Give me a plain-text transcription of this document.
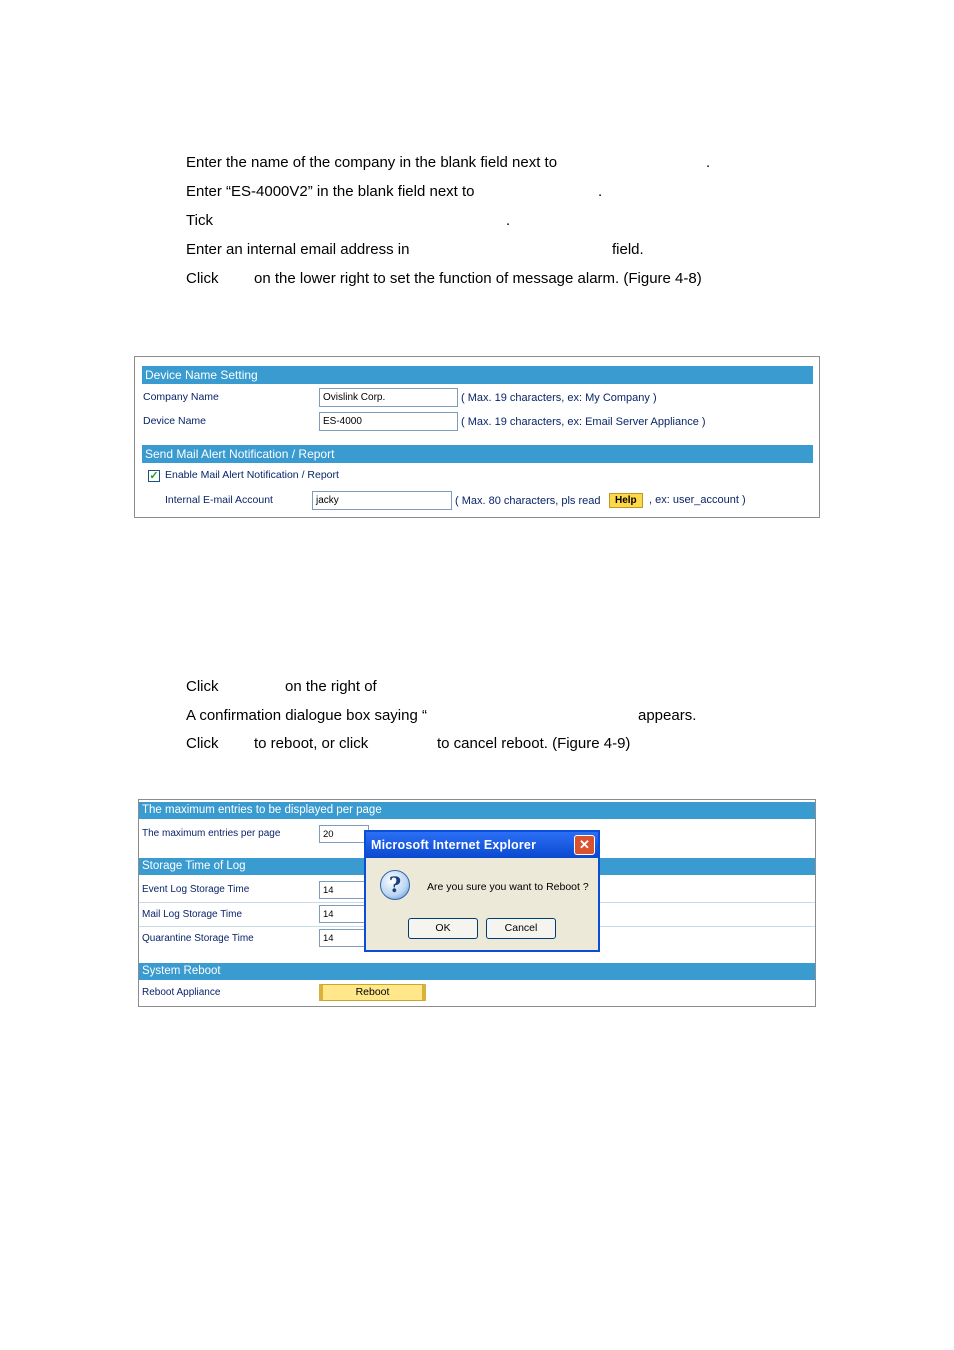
Enter the name of the company in the blank field next to	.
Enter “ES-4000V2” in the blank field next to	.
Tick	.
Enter an internal email address in	field.
Click on the lower right to set the function of message alarm. (Figure 4-8)
Device Name Setting
Company Name	Ovislink Corp.	( Max. 19 characters, ex: My Company )
Device Name	ES-4000	( Max. 19 characters, ex: Email Server Appliance )
Send Mail Alert Notification / Report
✓ Enable Mail Alert Notification / Report
Internal E-mail Account	jacky	( Max. 80 characters, pls read	Help	, ex: user_account )
Click	on the right of
A confirmation dialogue box saying “	appears.
Click to reboot, or click	to cancel reboot. (Figure 4-9)
The maximum entries to be displayed per page
The maximum entries per page	20
Storage Time of Log
Event Log Storage Time	14
Mail Log Storage Time	14
Quarantine Storage Time	14
System Reboot
Reboot Appliance	Reboot
Microsoft Internet Explorer	✕
?	Are you sure you want to Reboot ?
OK	Cancel
